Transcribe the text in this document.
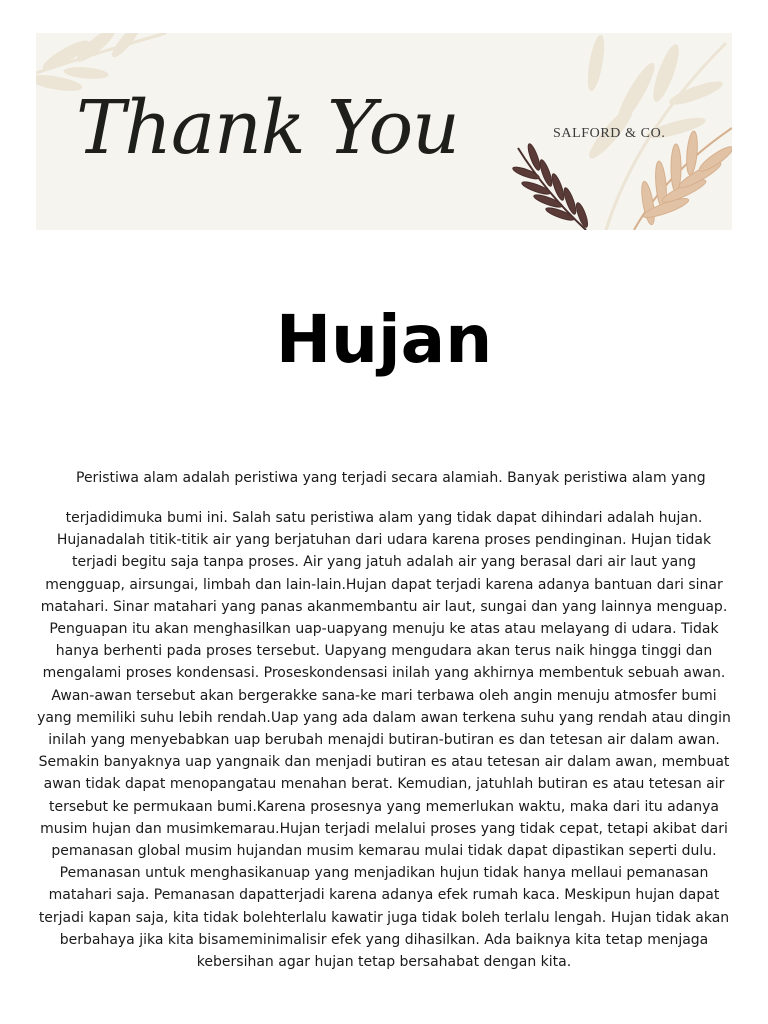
Thank You	SALFORD & CO.
Hujan

Peristiwa alam adalah peristiwa yang terjadi secara alamiah. Banyak peristiwa alam yang

terjadidimuka bumi ini. Salah satu peristiwa alam yang tidak dapat dihindari adalah hujan. Hujanadalah titik-titik air yang berjatuhan dari udara karena proses pendinginan. Hujan tidak terjadi begitu saja tanpa proses. Air yang jatuh adalah air yang berasal dari air laut yang mengguap, airsungai, limbah dan lain-lain.Hujan dapat terjadi karena adanya bantuan dari sinar matahari. Sinar matahari yang panas akanmembantu air laut, sungai dan yang lainnya menguap. Penguapan itu akan menghasilkan uap-uapyang menuju ke atas atau melayang di udara. Tidak hanya berhenti pada proses tersebut. Uapyang mengudara akan terus naik hingga tinggi dan mengalami proses kondensasi. Proseskondensasi inilah yang akhirnya membentuk sebuah awan. Awan-awan tersebut akan bergerakke sana-ke mari terbawa oleh angin menuju atmosfer bumi yang memiliki suhu lebih rendah.Uap yang ada dalam awan terkena suhu yang rendah atau dingin inilah yang menyebabkan uap berubah menajdi butiran-butiran es dan tetesan air dalam awan. Semakin banyaknya uap yangnaik dan menjadi butiran es atau tetesan air dalam awan, membuat awan tidak dapat menopangatau menahan berat. Kemudian, jatuhlah butiran es atau tetesan air tersebut ke permukaan bumi.Karena prosesnya yang memerlukan waktu, maka dari itu adanya musim hujan dan musimkemarau.Hujan terjadi melalui proses yang tidak cepat, tetapi akibat dari pemanasan global musim hujandan musim kemarau mulai tidak dapat dipastikan seperti dulu. Pemanasan untuk menghasikanuap yang menjadikan hujun tidak hanya mellaui pemanasan matahari saja. Pemanasan dapatterjadi karena adanya efek rumah kaca. Meskipun hujan dapat terjadi kapan saja, kita tidak bolehterlalu kawatir juga tidak boleh terlalu lengah. Hujan tidak akan berbahaya jika kita bisameminimalisir efek yang dihasilkan. Ada baiknya kita tetap menjaga kebersihan agar hujan tetap bersahabat dengan kita.
